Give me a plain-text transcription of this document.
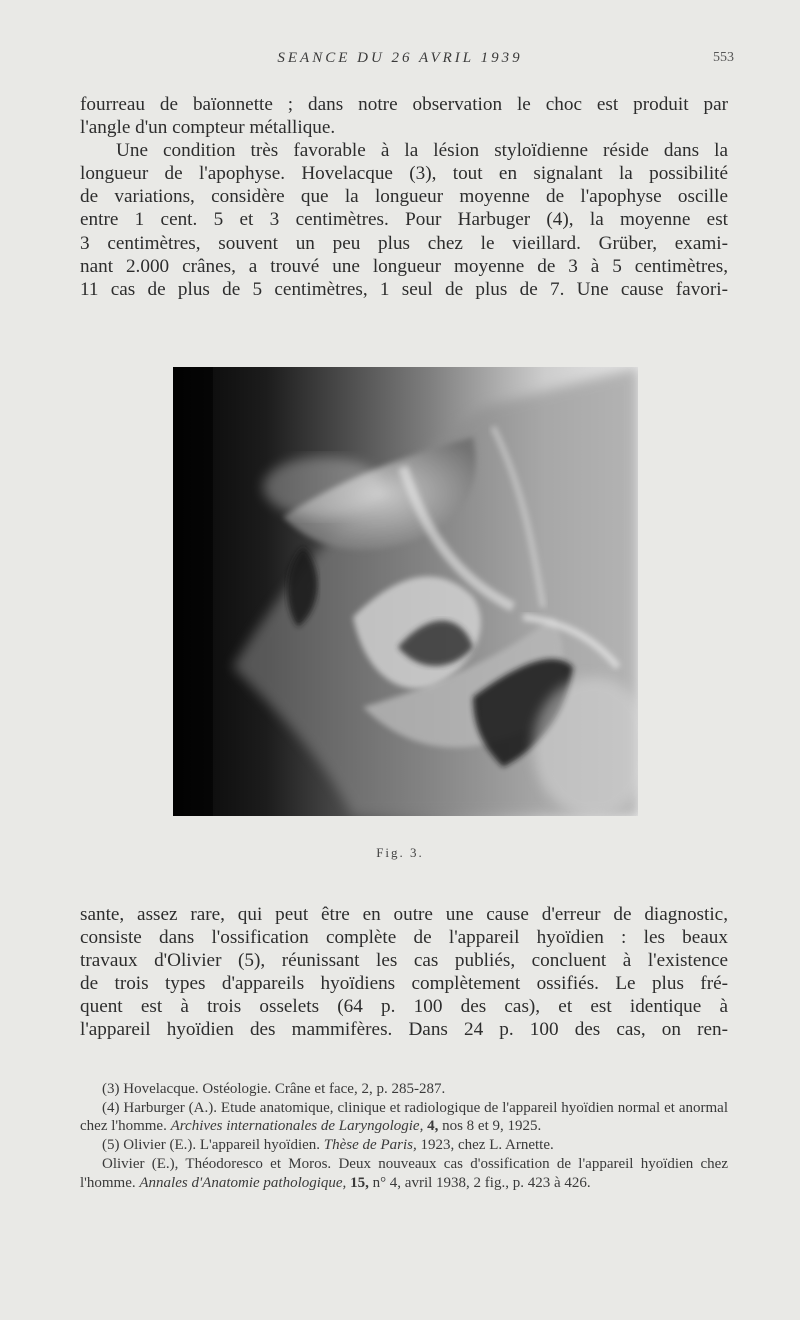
SEANCE DU 26 AVRIL 1939	553
fourreau de baïonnette ; dans notre observation le choc est produit par
l'angle d'un compteur métallique.
Une condition très favorable à la lésion styloïdienne réside dans la
longueur de l'apophyse. Hovelacque (3), tout en signalant la possibilité
de variations, considère que la longueur moyenne de l'apophyse oscille
entre 1 cent. 5 et 3 centimètres. Pour Harbuger (4), la moyenne est
3 centimètres, souvent un peu plus chez le vieillard. Grüber, exami-
nant 2.000 crânes, a trouvé une longueur moyenne de 3 à 5 centimètres,
11 cas de plus de 5 centimètres, 1 seul de plus de 7. Une cause favori-
Fig. 3.
sante, assez rare, qui peut être en outre une cause d'erreur de diagnostic,
consiste dans l'ossification complète de l'appareil hyoïdien : les beaux
travaux d'Olivier (5), réunissant les cas publiés, concluent à l'existence
de trois types d'appareils hyoïdiens complètement ossifiés. Le plus fré-
quent est à trois osselets (64 p. 100 des cas), et est identique à
l'appareil hyoïdien des mammifères. Dans 24 p. 100 des cas, on ren-
(3) Hovelacque. Ostéologie. Crâne et face, 2, p. 285-287.
(4) Harburger (A.). Etude anatomique, clinique et radiologique de l'appareil hyoïdien normal et anormal chez l'homme. Archives internationales de Laryngologie, 4, nos 8 et 9, 1925.
(5) Olivier (E.). L'appareil hyoïdien. Thèse de Paris, 1923, chez L. Arnette.
Olivier (E.), Théodoresco et Moros. Deux nouveaux cas d'ossification de l'appareil hyoïdien chez l'homme. Annales d'Anatomie pathologique, 15, n° 4, avril 1938, 2 fig., p. 423 à 426.
